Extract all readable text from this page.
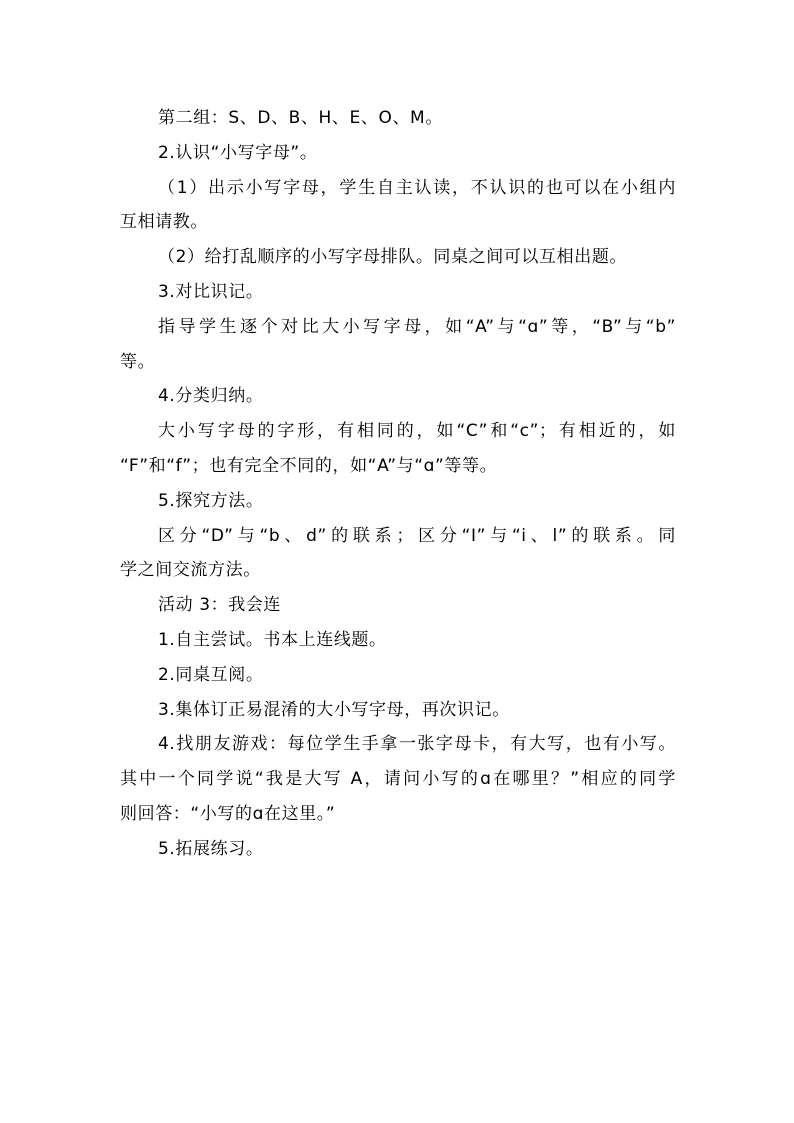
第二组：S、D、B、H、E、O、M。

2.认识“小写字母”。

（1）出示小写字母，学生自主认读，不认识的也可以在小组内
互相请教。

（2）给打乱顺序的小写字母排队。同桌之间可以互相出题。

3.对比识记。

指导学生逐个对比大小写字母，如“A”与“ɑ”等，“B”与“b”
等。

4.分类归纳。

大小写字母的字形，有相同的，如“C”和“c”；有相近的，如
“F”和“f”；也有完全不同的，如“A”与“ɑ”等等。

5.探究方法。

区分“D”与“b、d”的联系；区分“I”与“i、l”的联系。同
学之间交流方法。

活动 3：我会连

1.自主尝试。书本上连线题。

2.同桌互阅。

3.集体订正易混淆的大小写字母，再次识记。

4.找朋友游戏：每位学生手拿一张字母卡，有大写，也有小写。
其中一个同学说“我是大写 A，请问小写的ɑ在哪里？”相应的同学
则回答：“小写的ɑ在这里。”

5.拓展练习。
